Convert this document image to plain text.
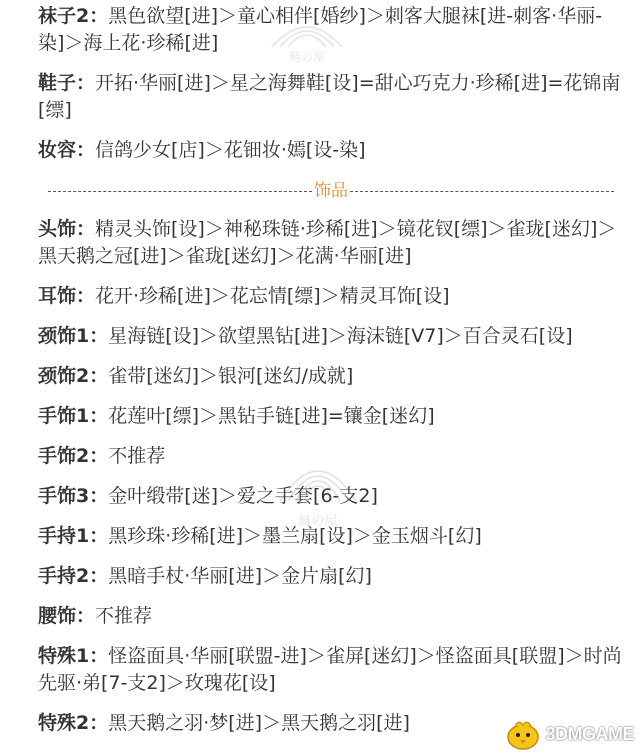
袜子2：黑色欲望[进]＞童心相伴[婚纱]＞刺客大腿袜[进-刺客·华丽-染]＞海上花·珍稀[进]

鞋子：开拓·华丽[进]＞星之海舞鞋[设]=甜心巧克力·珍稀[进]=花锦南[缥]

妆容：信鸽少女[店]＞花钿妆·嫣[设-染]

饰品

头饰：精灵头饰[设]＞神秘珠链·珍稀[进]＞镜花钗[缥]＞雀珑[迷幻]＞黑天鹅之冠[进]＞雀珑[迷幻]＞花满·华丽[进]

耳饰：花开·珍稀[进]＞花忘情[缥]＞精灵耳饰[设]

颈饰1：星海链[设]＞欲望黑钻[进]＞海沫链[V7]＞百合灵石[设]

颈饰2：雀带[迷幻]＞银河[迷幻/成就]

手饰1：花莲叶[缥]＞黑钻手链[进]=镶金[迷幻]

手饰2：不推荐

手饰3：金叶缎带[迷]＞爱之手套[6-支2]

手持1：黑珍珠·珍稀[进]＞墨兰扇[设]＞金玉烟斗[幻]

手持2：黑暗手杖·华丽[进]＞金片扇[幻]

腰饰：不推荐

特殊1：怪盗面具·华丽[联盟-进]＞雀屏[迷幻]＞怪盗面具[联盟]＞时尚先驱·弟[7-支2]＞玫瑰花[设]

特殊2：黑天鹅之羽·梦[进]＞黑天鹅之羽[进]

鲢の屋
鲢の屋
3DMGAME
